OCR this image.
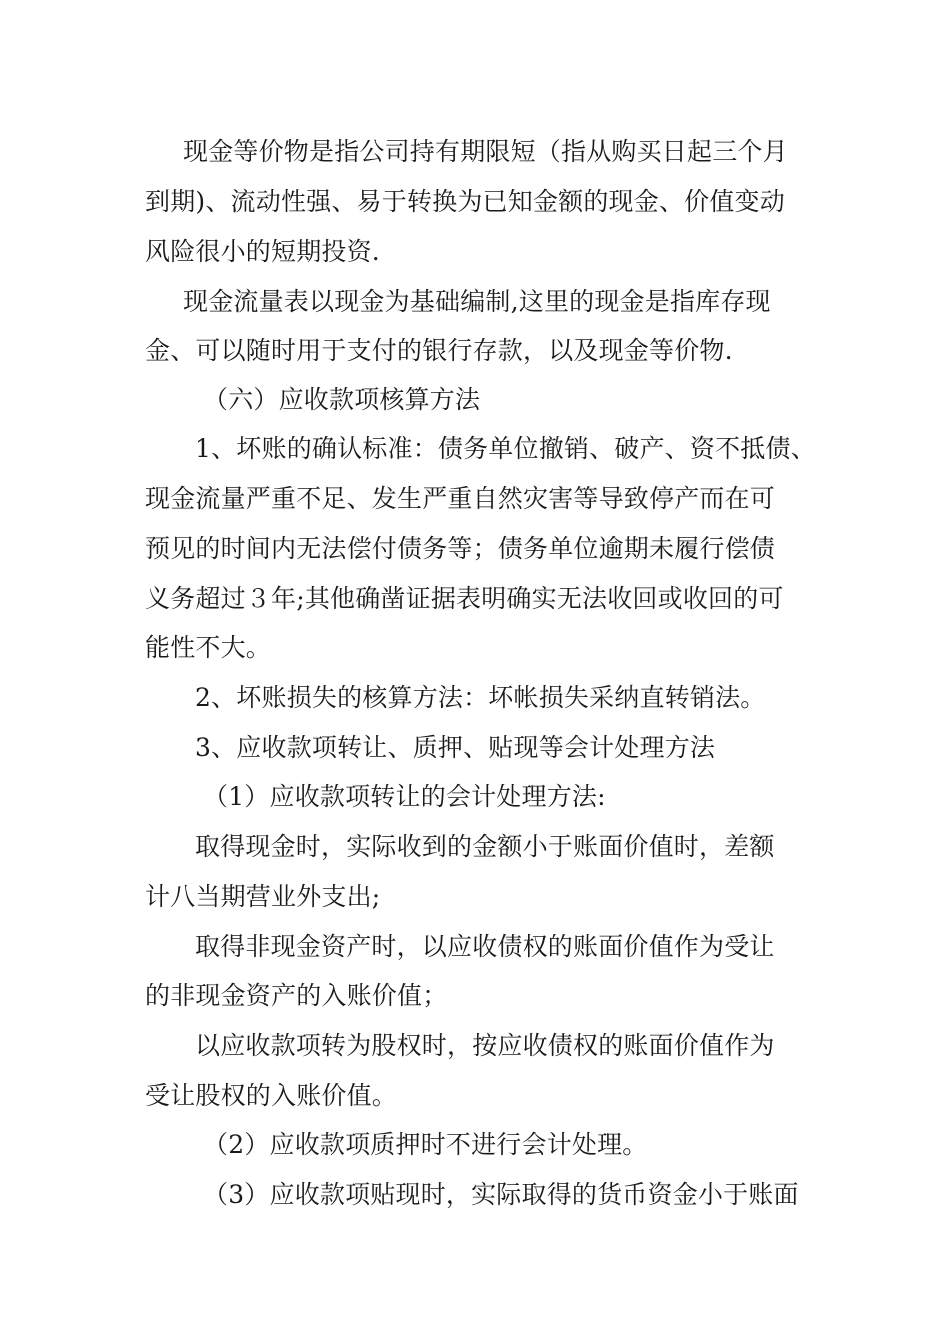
现金等价物是指公司持有期限短（指从购买日起三个月
到期)、流动性强、易于转换为已知金额的现金、价值变动
风险很小的短期投资.
现金流量表以现金为基础编制,这里的现金是指库存现
金、可以随时用于支付的银行存款，以及现金等价物.
（六）应收款项核算方法
1、坏账的确认标准：债务单位撤销、破产、资不抵债、
现金流量严重不足、发生严重自然灾害等导致停产而在可
预见的时间内无法偿付债务等；债务单位逾期未履行偿债
义务超过３年;其他确凿证据表明确实无法收回或收回的可
能性不大。
2、坏账损失的核算方法：坏帐损失采纳直转销法。
3、应收款项转让、质押、贴现等会计处理方法
（1）应收款项转让的会计处理方法:
取得现金时，实际收到的金额小于账面价值时，差额
计八当期营业外支出;
取得非现金资产时，以应收债权的账面价值作为受让
的非现金资产的入账价值；
以应收款项转为股权时，按应收债权的账面价值作为
受让股权的入账价值。
（2）应收款项质押时不进行会计处理。
（3）应收款项贴现时，实际取得的货币资金小于账面
